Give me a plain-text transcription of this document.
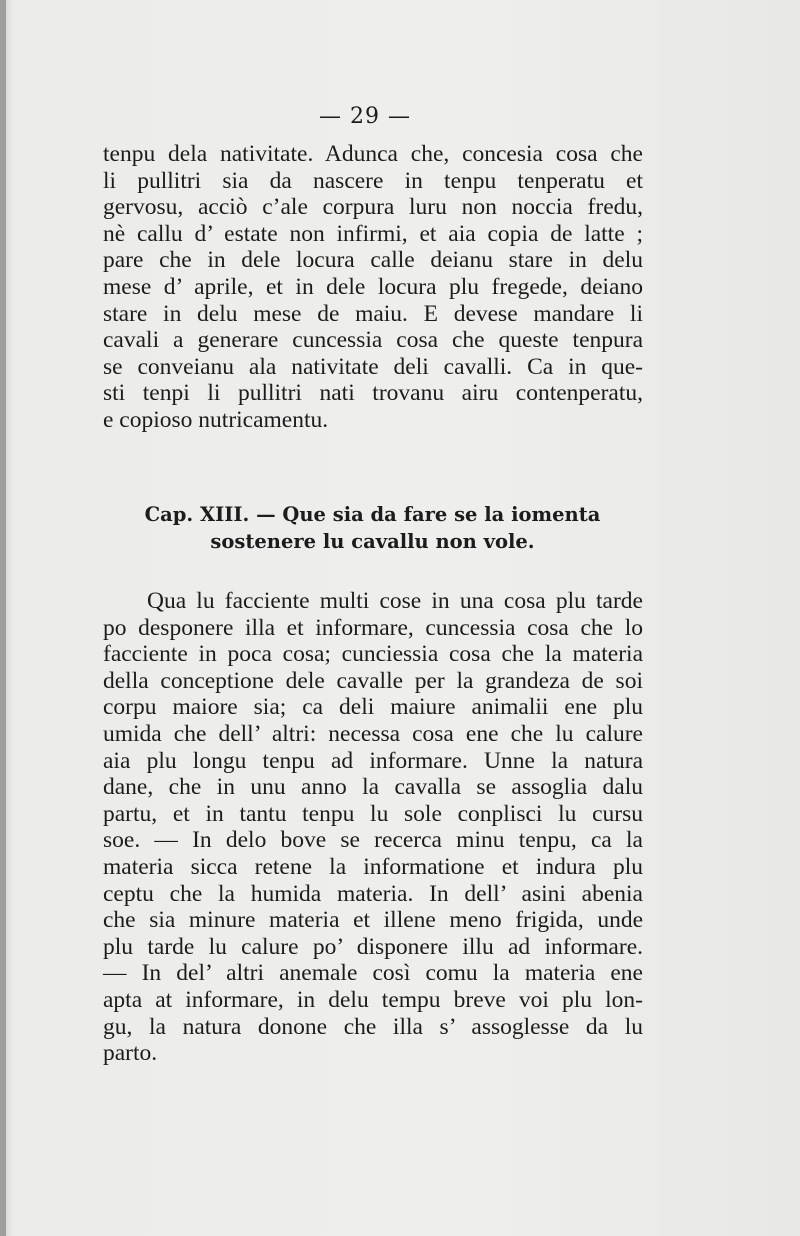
— 29 —
tenpu dela nativitate. Adunca che, concesia cosa che
li pullitri sia da nascere in tenpu tenperatu et
gervosu, acciò c’ale corpura luru non noccia fredu,
nè callu d’ estate non infirmi, et aia copia de latte ;
pare che in dele locura calle deianu stare in delu
mese d’ aprile, et in dele locura plu fregede, deiano
stare in delu mese de maiu. E devese mandare li
cavali a generare cuncessia cosa che queste tenpura
se conveianu ala nativitate deli cavalli. Ca in que-
sti tenpi li pullitri nati trovanu airu contenperatu,
e copioso nutricamentu.
Cap. XIII. — Que sia da fare se la iomenta
sostenere lu cavallu non vole.
Qua lu facciente multi cose in una cosa plu tarde
po desponere illa et informare, cuncessia cosa che lo
facciente in poca cosa; cunciessia cosa che la materia
della conceptione dele cavalle per la grandeza de soi
corpu maiore sia; ca deli maiure animalii ene plu
umida che dell’ altri: necessa cosa ene che lu calure
aia plu longu tenpu ad informare. Unne la natura
dane, che in unu anno la cavalla se assoglia dalu
partu, et in tantu tenpu lu sole conplisci lu cursu
soe. — In delo bove se recerca minu tenpu, ca la
materia sicca retene la informatione et indura plu
ceptu che la humida materia. In dell’ asini abenia
che sia minure materia et illene meno frigida, unde
plu tarde lu calure po’ disponere illu ad informare.
— In del’ altri anemale così comu la materia ene
apta at informare, in delu tempu breve voi plu lon-
gu, la natura donone che illa s’ assoglesse da lu
parto.
